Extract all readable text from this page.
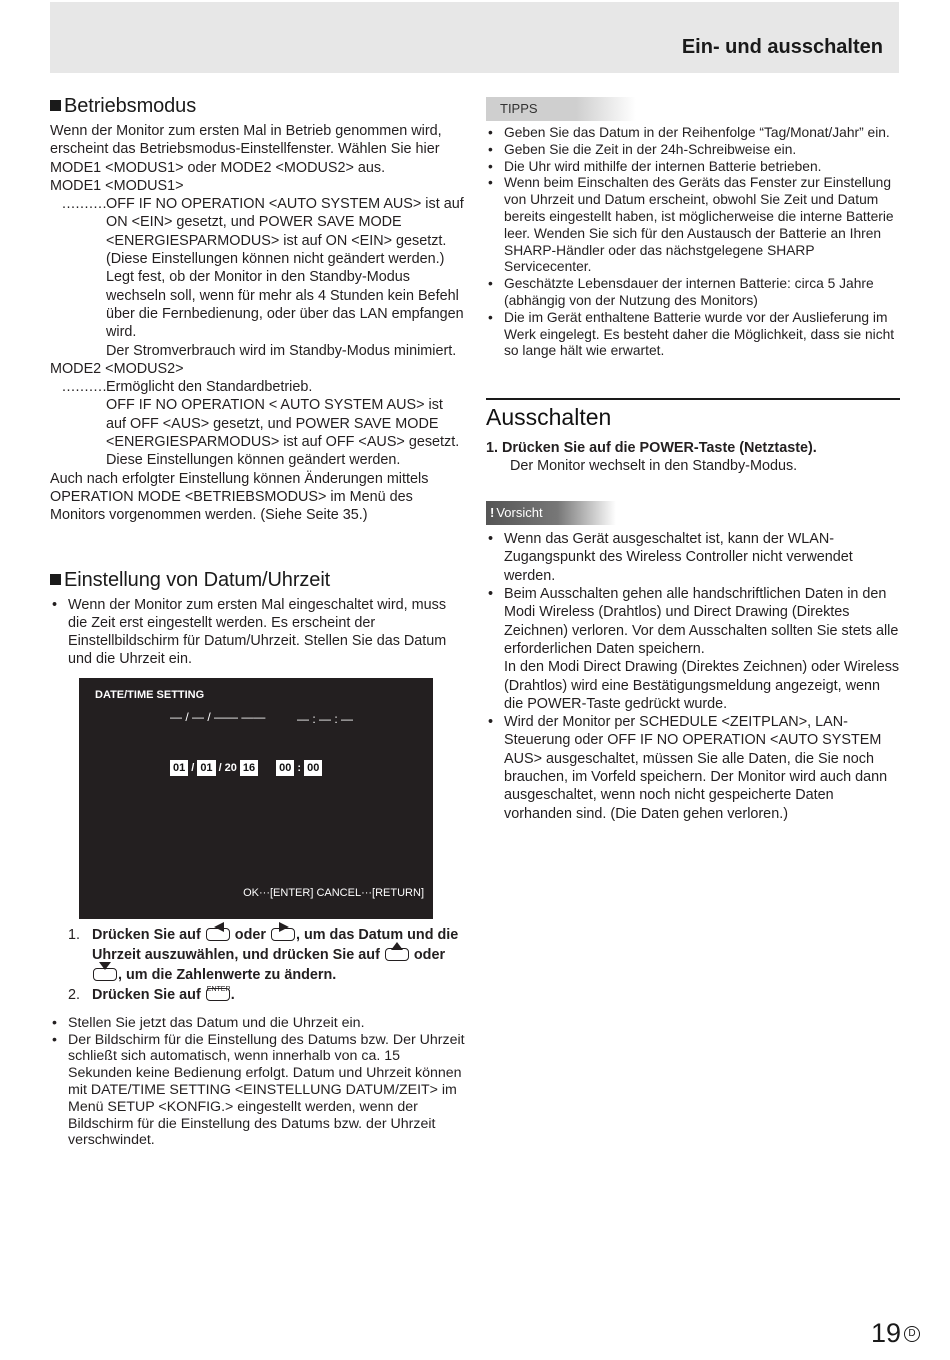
Ein- und ausschalten
Betriebsmodus

Wenn der Monitor zum ersten Mal in Betrieb genommen wird, erscheint das Betriebsmodus-Einstellfenster. Wählen Sie hier MODE1 <MODUS1> oder MODE2 <MODUS2> aus.

MODE1 <MODUS1>

..........OFF IF NO OPERATION <AUTO SYSTEM AUS> ist auf ON <EIN> gesetzt, und POWER SAVE MODE <ENERGIESPARMODUS> ist auf ON <EIN> gesetzt. (Diese Einstellungen können nicht geändert werden.)

Legt fest, ob der Monitor in den Standby-Modus wechseln soll, wenn für mehr als 4 Stunden kein Befehl über die Fernbedienung, oder über das LAN empfangen wird.

Der Stromverbrauch wird im Standby-Modus minimiert.

MODE2 <MODUS2>

..........Ermöglicht den Standardbetrieb.

OFF IF NO OPERATION < AUTO SYSTEM AUS> ist auf OFF <AUS> gesetzt, und POWER SAVE MODE <ENERGIESPARMODUS> ist auf OFF <AUS> gesetzt. Diese Einstellungen können geändert werden.

Auch nach erfolgter Einstellung können Änderungen mittels OPERATION MODE <BETRIEBSMODUS> im Menü des Monitors vorgenommen werden. (Siehe Seite 35.)

Einstellung von Datum/Uhrzeit

• Wenn der Monitor zum ersten Mal eingeschaltet wird, muss die Zeit erst eingestellt werden. Es erscheint der Einstellbildschirm für Datum/Uhrzeit. Stellen Sie das Datum und die Uhrzeit ein.

DATE/TIME SETTING
— / — / —— ——	— : — : —
01 / 01 / 20 16 00 : 00
OK···[ENTER] CANCEL···[RETURN]

1. Drücken Sie auf oder , um das Datum und die Uhrzeit auszuwählen, und drücken Sie auf oder
, um die Zahlenwerte zu ändern.

2. Drücken Sie auf ENTER .

• Stellen Sie jetzt das Datum und die Uhrzeit ein.

• Der Bildschirm für die Einstellung des Datums bzw. Der Uhrzeit schließt sich automatisch, wenn innerhalb von ca. 15 Sekunden keine Bedienung erfolgt. Datum und Uhrzeit können mit DATE/TIME SETTING <EINSTELLUNG DATUM/ZEIT> im Menü SETUP <KONFIG.> eingestellt werden, wenn der Bildschirm für die Einstellung des Datums bzw. der Uhrzeit verschwindet.

TIPPS

• Geben Sie das Datum in der Reihenfolge “Tag/Monat/Jahr” ein.

• Geben Sie die Zeit in der 24h-Schreibweise ein.

• Die Uhr wird mithilfe der internen Batterie betrieben.

• Wenn beim Einschalten des Geräts das Fenster zur Einstellung von Uhrzeit und Datum erscheint, obwohl Sie Zeit und Datum bereits eingestellt haben, ist möglicherweise die interne Batterie leer. Wenden Sie sich für den Austausch der Batterie an Ihren SHARP-Händler oder das nächstgelegene SHARP Servicecenter.

• Geschätzte Lebensdauer der internen Batterie: circa 5 Jahre (abhängig von der Nutzung des Monitors)

• Die im Gerät enthaltene Batterie wurde vor der Auslieferung im Werk eingelegt. Es besteht daher die Möglichkeit, dass sie nicht so lange hält wie erwartet.

Ausschalten

1. Drücken Sie auf die POWER-Taste (Netztaste).

Der Monitor wechselt in den Standby-Modus.

! Vorsicht

• Wenn das Gerät ausgeschaltet ist, kann der WLAN-Zugangspunkt des Wireless Controller nicht verwendet werden.

• Beim Ausschalten gehen alle handschriftlichen Daten in den Modi Wireless (Drahtlos) und Direct Drawing (Direktes Zeichnen) verloren. Vor dem Ausschalten sollten Sie stets alle erforderlichen Daten speichern.

In den Modi Direct Drawing (Direktes Zeichnen) oder Wireless (Drahtlos) wird eine Bestätigungsmeldung angezeigt, wenn die POWER-Taste gedrückt wurde.

• Wird der Monitor per SCHEDULE <ZEITPLAN>, LAN-Steuerung oder OFF IF NO OPERATION <AUTO SYSTEM AUS> ausgeschaltet, müssen Sie alle Daten, die Sie noch brauchen, im Vorfeld speichern. Der Monitor wird auch dann ausgeschaltet, wenn noch nicht gespeicherte Daten vorhanden sind. (Die Daten gehen verloren.)

19 D
